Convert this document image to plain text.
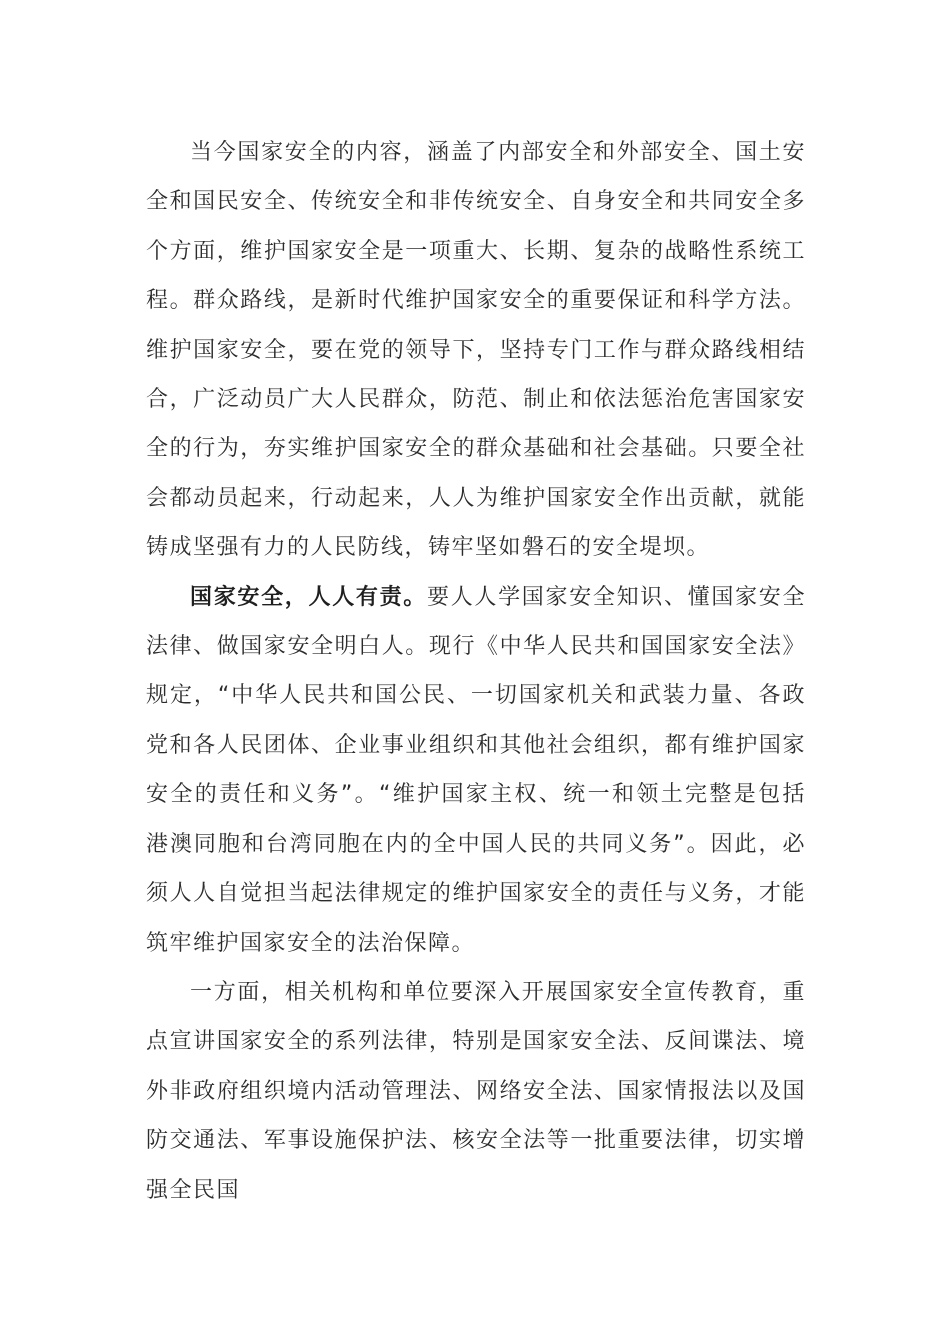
当今国家安全的内容，涵盖了内部安全和外部安全、国土安全和国民安全、传统安全和非传统安全、自身安全和共同安全多个方面，维护国家安全是一项重大、长期、复杂的战略性系统工程。群众路线，是新时代维护国家安全的重要保证和科学方法。维护国家安全，要在党的领导下，坚持专门工作与群众路线相结合，广泛动员广大人民群众，防范、制止和依法惩治危害国家安全的行为，夯实维护国家安全的群众基础和社会基础。只要全社会都动员起来，行动起来，人人为维护国家安全作出贡献，就能铸成坚强有力的人民防线，铸牢坚如磐石的安全堤坝。

国家安全，人人有责。要人人学国家安全知识、懂国家安全法律、做国家安全明白人。现行《中华人民共和国国家安全法》规定，“中华人民共和国公民、一切国家机关和武装力量、各政党和各人民团体、企业事业组织和其他社会组织，都有维护国家安全的责任和义务”。“维护国家主权、统一和领土完整是包括港澳同胞和台湾同胞在内的全中国人民的共同义务”。因此，必须人人自觉担当起法律规定的维护国家安全的责任与义务，才能筑牢维护国家安全的法治保障。

一方面，相关机构和单位要深入开展国家安全宣传教育，重点宣讲国家安全的系列法律，特别是国家安全法、反间谍法、境外非政府组织境内活动管理法、网络安全法、国家情报法以及国防交通法、军事设施保护法、核安全法等一批重要法律，切实增强全民国
